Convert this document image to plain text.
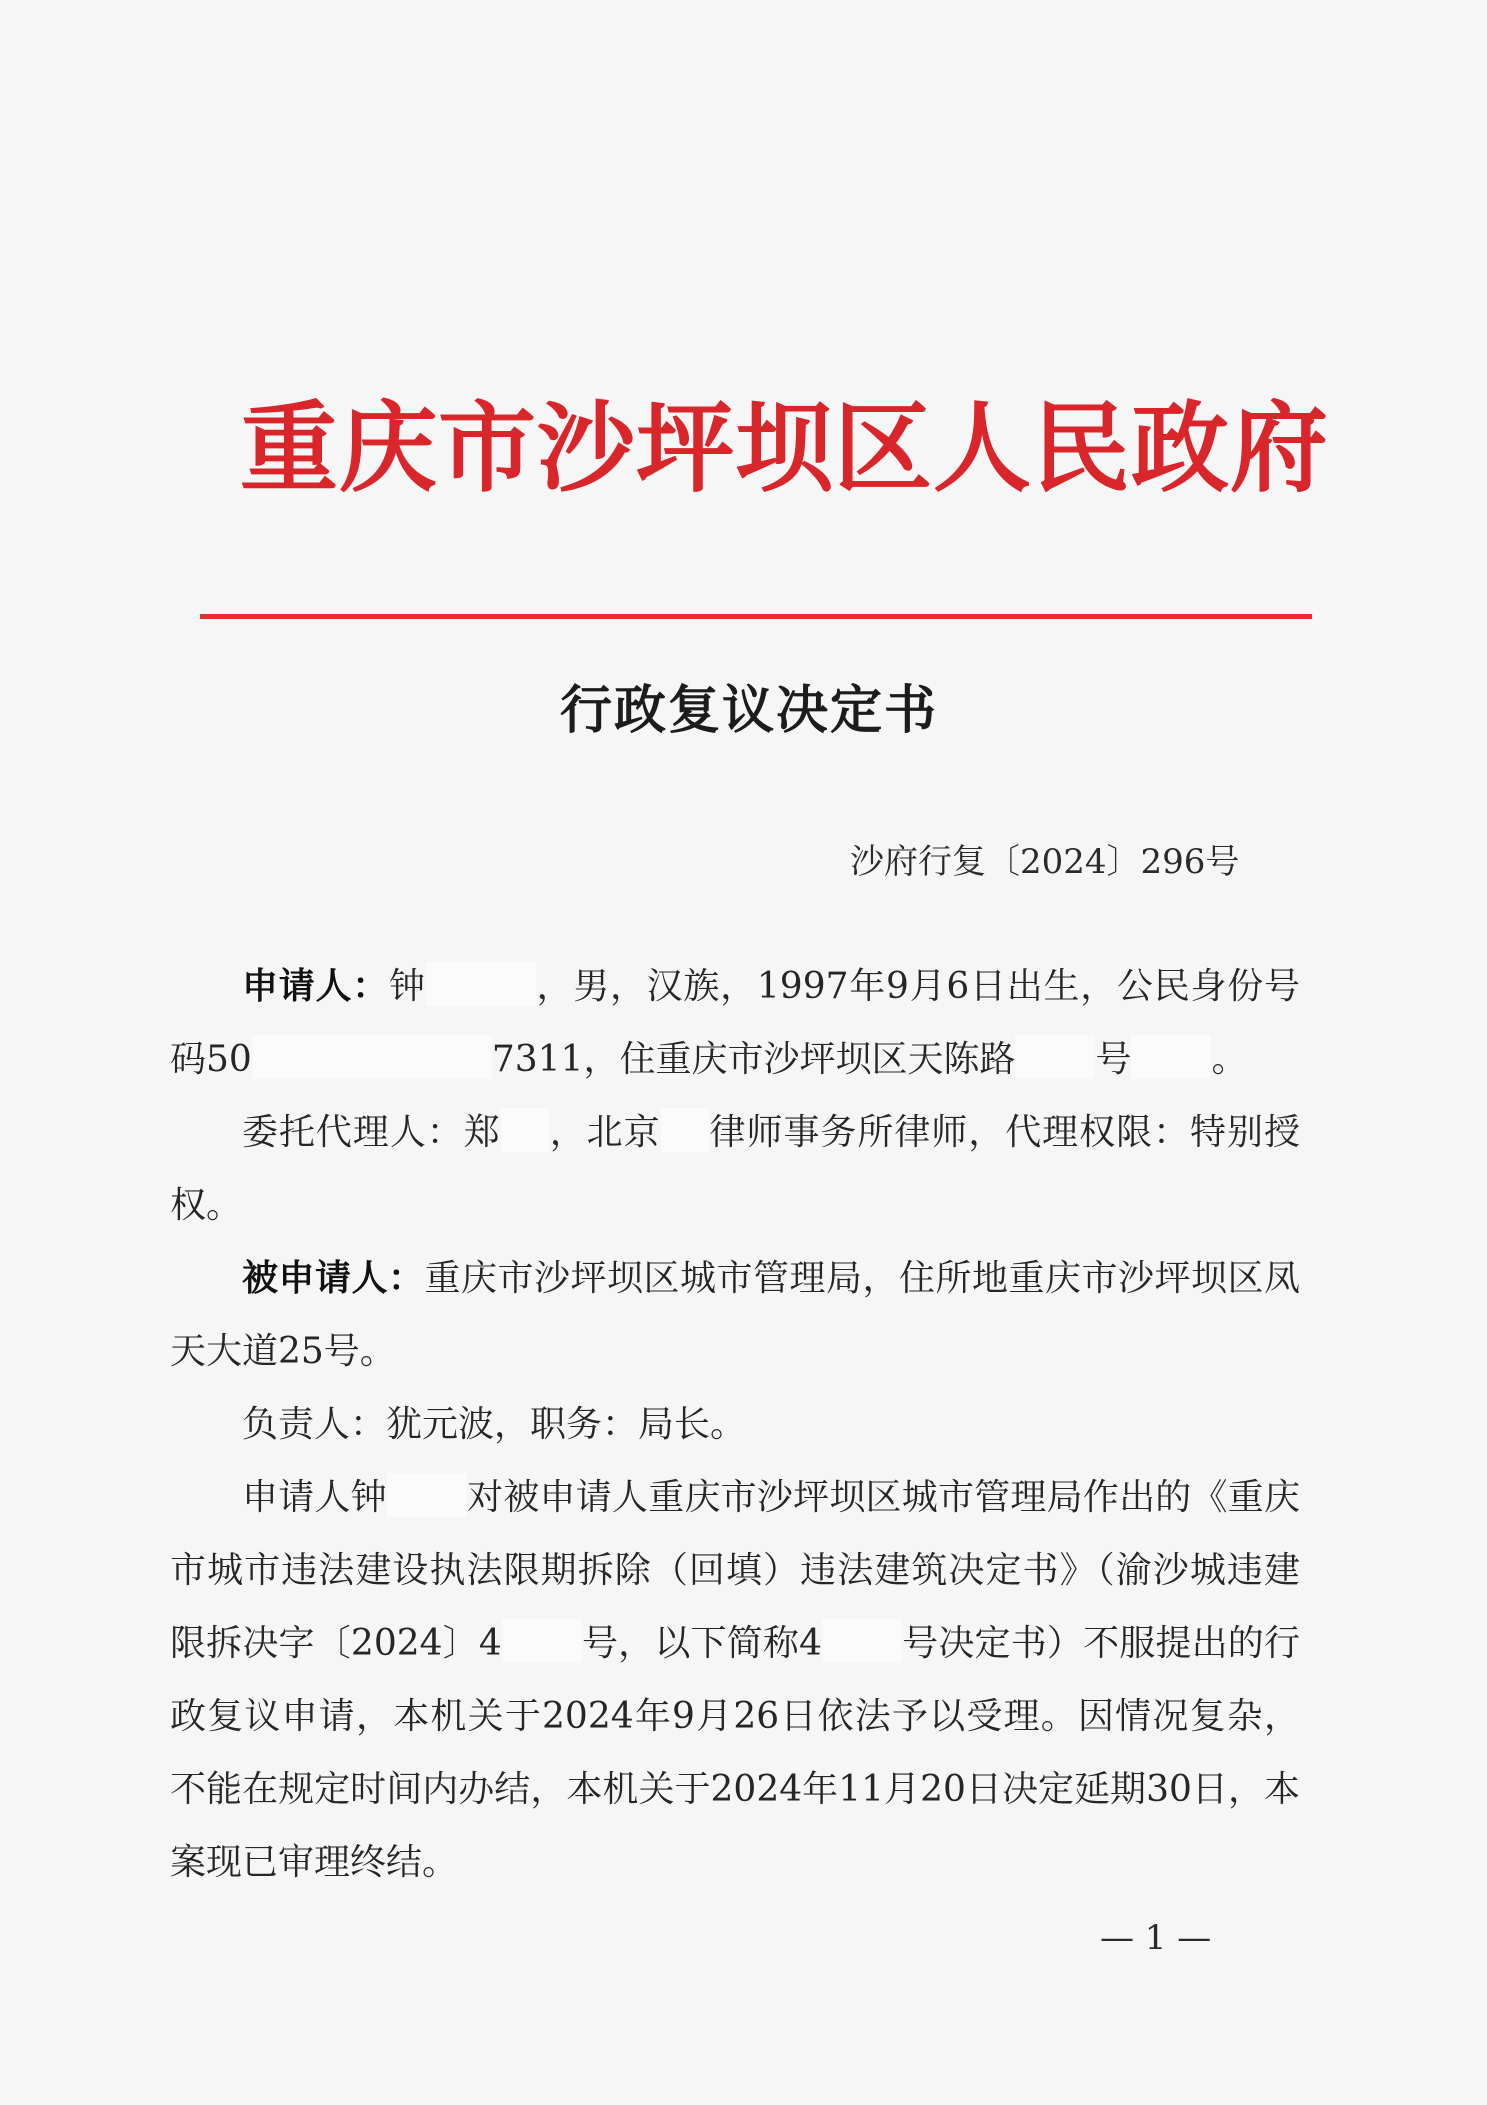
重庆市沙坪坝区人民政府
行政复议决定书
沙府行复〔2024〕296号

申请人：钟	，男，汉族，1997年9月6日出生，公民身份号码50	7311，住重庆市沙坪坝区天陈路 号 。

委托代理人：郑 ，北京 律师事务所律师，代理权限：特别授权。

被申请人：重庆市沙坪坝区城市管理局，住所地重庆市沙坪坝区凤天大道25号。

负责人：犹元波，职务：局长。

申请人钟 对被申请人重庆市沙坪坝区城市管理局作出的《重庆市城市违法建设执法限期拆除（回填）违法建筑决定书》（渝沙城违建限拆决字〔2024〕4 号，以下简称4 号决定书）不服提出的行政复议申请，本机关于2024年9月26日依法予以受理。因情况复杂，不能在规定时间内办结，本机关于2024年11月20日决定延期30日，本案现已审理终结。

— 1 —
